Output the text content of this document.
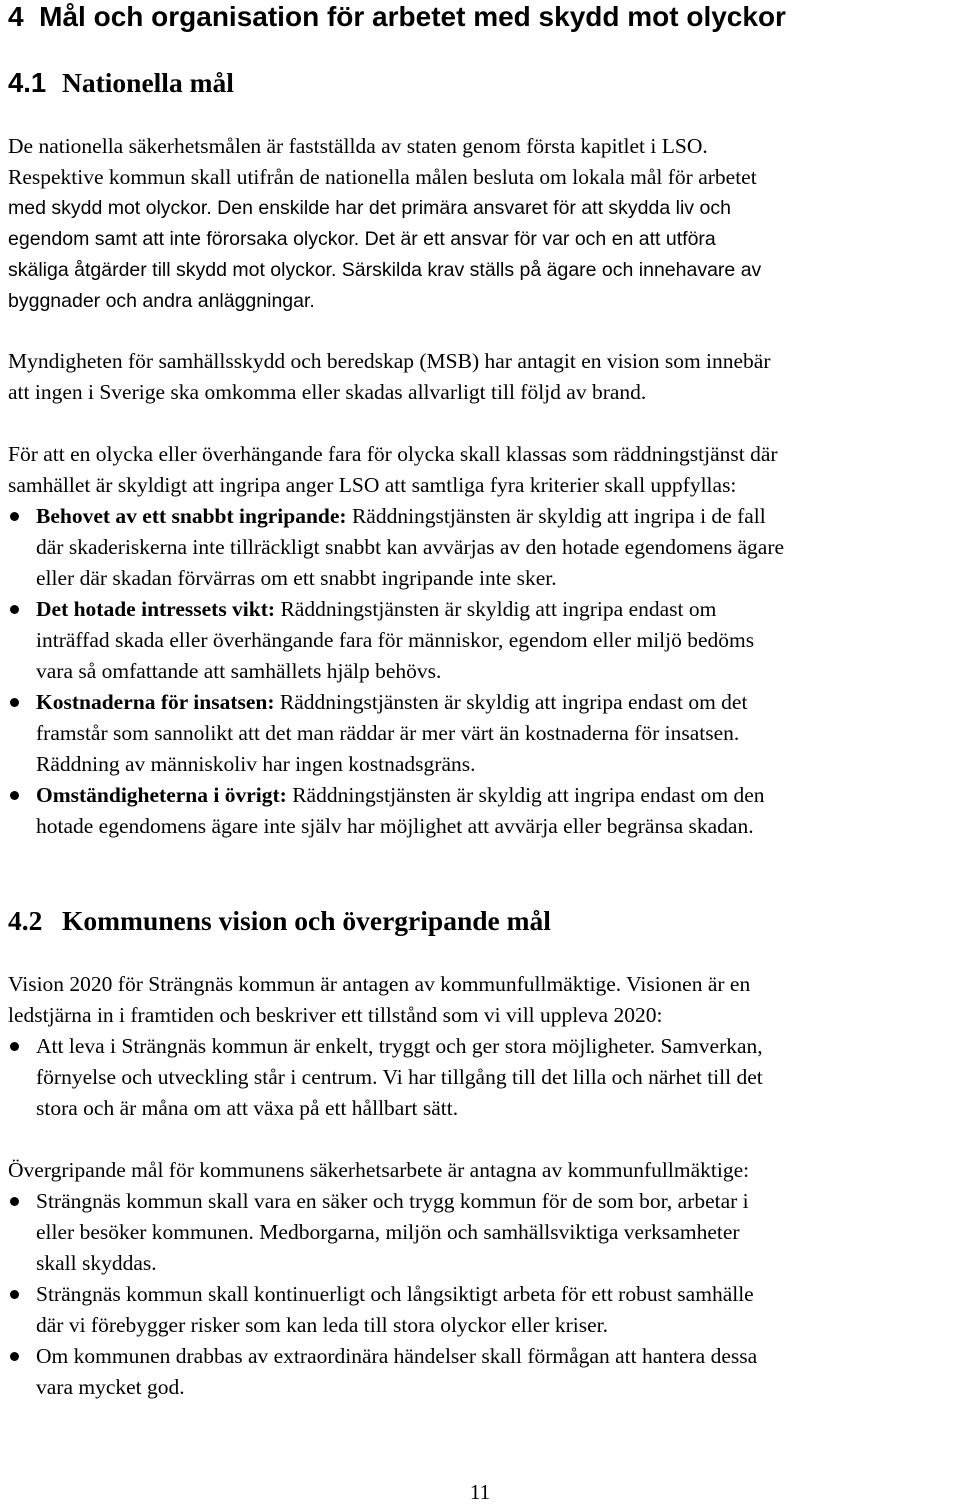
4 Mål och organisation för arbetet med skydd mot olyckor
4.1 Nationella mål

De nationella säkerhetsmålen är fastställda av staten genom första kapitlet i LSO.
Respektive kommun skall utifrån de nationella målen besluta om lokala mål för arbetet
med skydd mot olyckor. Den enskilde har det primära ansvaret för att skydda liv och
egendom samt att inte förorsaka olyckor. Det är ett ansvar för var och en att utföra
skäliga åtgärder till skydd mot olyckor. Särskilda krav ställs på ägare och innehavare av
byggnader och andra anläggningar.

Myndigheten för samhällsskydd och beredskap (MSB) har antagit en vision som innebär
att ingen i Sverige ska omkomma eller skadas allvarligt till följd av brand.

För att en olycka eller överhängande fara för olycka skall klassas som räddningstjänst där
samhället är skyldigt att ingripa anger LSO att samtliga fyra kriterier skall uppfyllas:

Behovet av ett snabbt ingripande: Räddningstjänsten är skyldig att ingripa i de fall
där skaderiskerna inte tillräckligt snabbt kan avvärjas av den hotade egendomens ägare
eller där skadan förvärras om ett snabbt ingripande inte sker.
Det hotade intressets vikt: Räddningstjänsten är skyldig att ingripa endast om
inträffad skada eller överhängande fara för människor, egendom eller miljö bedöms
vara så omfattande att samhällets hjälp behövs.
Kostnaderna för insatsen: Räddningstjänsten är skyldig att ingripa endast om det
framstår som sannolikt att det man räddar är mer värt än kostnaderna för insatsen.
Räddning av människoliv har ingen kostnadsgräns.
Omständigheterna i övrigt: Räddningstjänsten är skyldig att ingripa endast om den
hotade egendomens ägare inte själv har möjlighet att avvärja eller begränsa skadan.
4.2 Kommunens vision och övergripande mål

Vision 2020 för Strängnäs kommun är antagen av kommunfullmäktige. Visionen är en
ledstjärna in i framtiden och beskriver ett tillstånd som vi vill uppleva 2020:

Att leva i Strängnäs kommun är enkelt, tryggt och ger stora möjligheter. Samverkan,
förnyelse och utveckling står i centrum. Vi har tillgång till det lilla och närhet till det
stora och är måna om att växa på ett hållbart sätt.

Övergripande mål för kommunens säkerhetsarbete är antagna av kommunfullmäktige:

Strängnäs kommun skall vara en säker och trygg kommun för de som bor, arbetar i
eller besöker kommunen. Medborgarna, miljön och samhällsviktiga verksamheter
skall skyddas.
Strängnäs kommun skall kontinuerligt och långsiktigt arbeta för ett robust samhälle
där vi förebygger risker som kan leda till stora olyckor eller kriser.
Om kommunen drabbas av extraordinära händelser skall förmågan att hantera dessa
vara mycket god.
11
